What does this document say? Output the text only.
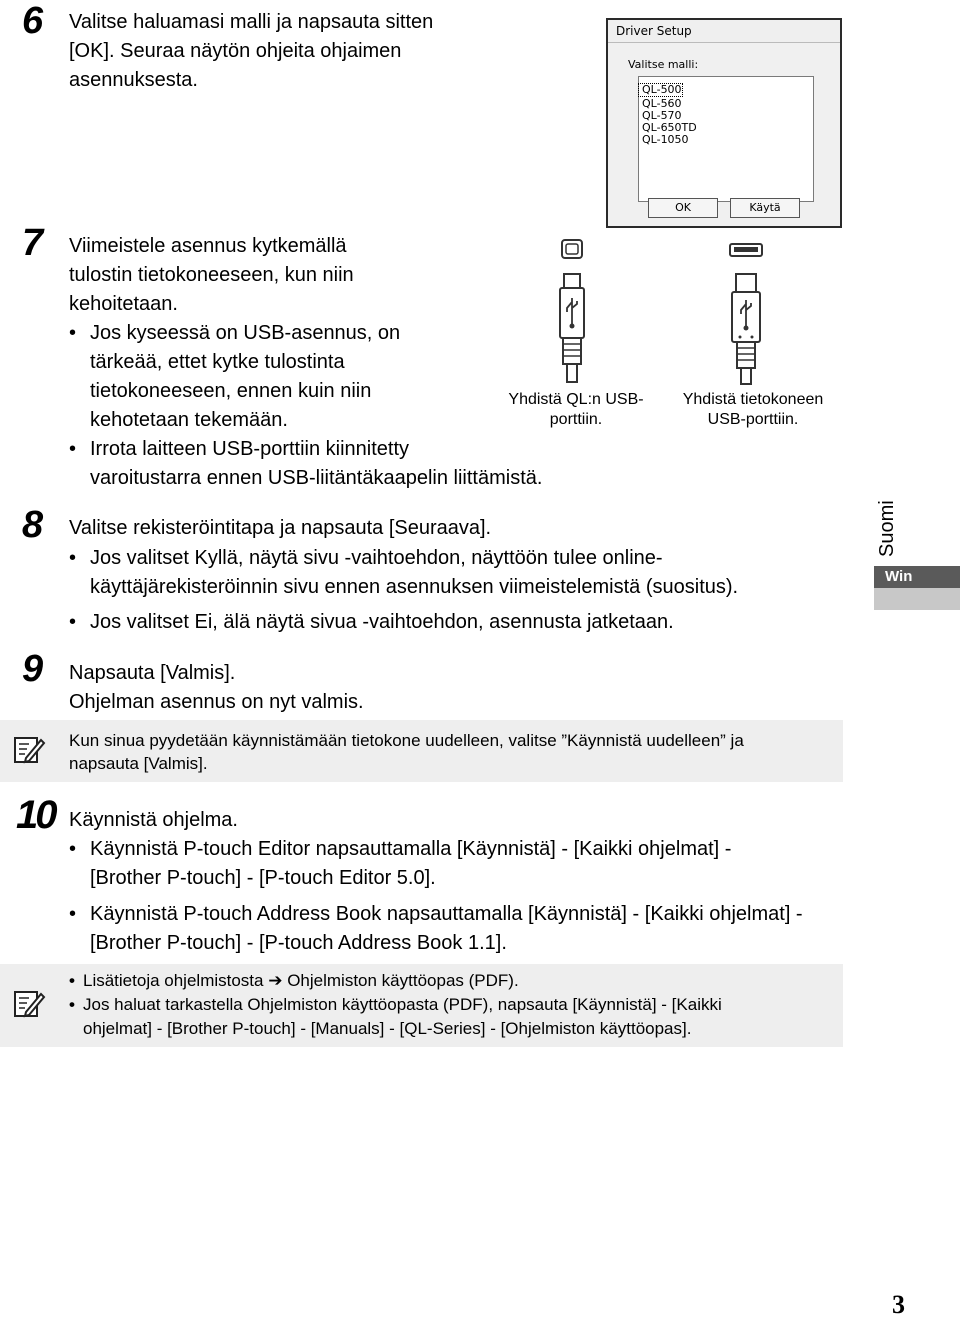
6 Valitse haluamasi malli ja napsauta sitten
[OK]. Seuraa näytön ohjeita ohjaimen
asennuksesta.
Driver Setup
Valitse malli:
QL-500
QL-560
QL-570
QL-650TD
QL-1050
OK	Käytä
7 Viimeistele asennus kytkemällä
tulostin tietokoneeseen, kun niin
kehoitetaan.
• Jos kyseessä on USB-asennus, on
tärkeää, ettet kytke tulostinta
tietokoneeseen, ennen kuin niin
kehotetaan tekemään.
• Irrota laitteen USB-porttiin kiinnitetty
varoitustarra ennen USB-liitäntäkaapelin liittämistä.
Yhdistä QL:n USB-
porttiin.
Yhdistä tietokoneen
USB-porttiin.
8 Valitse rekisteröintitapa ja napsauta [Seuraava].
• Jos valitset Kyllä, näytä sivu -vaihtoehdon, näyttöön tulee online-
käyttäjärekisteröinnin sivu ennen asennuksen viimeistelemistä (suositus).
• Jos valitset Ei, älä näytä sivua -vaihtoehdon, asennusta jatketaan.
Suomi
Win
9 Napsauta [Valmis].
Ohjelman asennus on nyt valmis.
Kun sinua pyydetään käynnistämään tietokone uudelleen, valitse ”Käynnistä uudelleen” ja
napsauta [Valmis].
10 Käynnistä ohjelma.
• Käynnistä P-touch Editor napsauttamalla [Käynnistä] - [Kaikki ohjelmat] -
[Brother P-touch] - [P-touch Editor 5.0].
• Käynnistä P-touch Address Book napsauttamalla [Käynnistä] - [Kaikki ohjelmat] -
[Brother P-touch] - [P-touch Address Book 1.1].
• Lisätietoja ohjelmistosta ➔ Ohjelmiston käyttöopas (PDF).
• Jos haluat tarkastella Ohjelmiston käyttöopasta (PDF), napsauta [Käynnistä] - [Kaikki
ohjelmat] - [Brother P-touch] - [Manuals] - [QL-Series] - [Ohjelmiston käyttöopas].
3
